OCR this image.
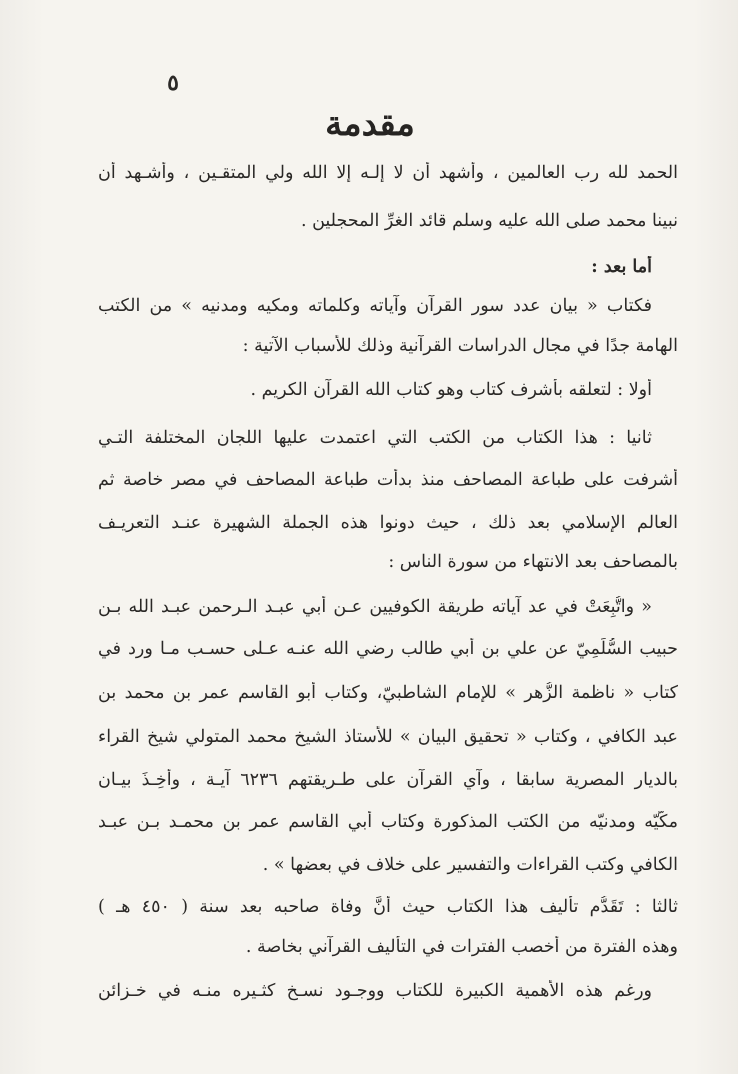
٥
مقدمة
الحمد لله رب العالمين ، وأشهد أن لا إلـه إلا الله ولي المتقـين ، وأشـهد أن
نبينا محمد صلى الله عليه وسلم قائد الغرِّ المحجلين .
أما بعد :
فكتاب « بيان عدد سور القرآن وآياته وكلماته ومكيه ومدنيه » من الكتب
الهامة جدًا في مجال الدراسات القرآنية وذلك للأسباب الآتية :
أولا : لتعلقه بأشرف كتاب وهو كتاب الله القرآن الكريم .
ثانيا : هذا الكتاب من الكتب التي اعتمدت عليها اللجان المختلفة التـي
أشرفت على طباعة المصاحف منذ بدأت طباعة المصاحف في مصر خاصة ثم
العالم الإسلامي بعد ذلك ، حيث دونوا هذه الجملة الشهيرة عنـد التعريـف
بالمصاحف بعد الانتهاء من سورة الناس :
« واتُّبِعَتْ في عد آياته طريقة الكوفيين عـن أبي عبـد الـرحمن عبـد الله بـن
حبيب السُّلَمِيّ عن علي بن أبي طالب رضي الله عنـه عـلى حسـب مـا ورد في
كتاب « ناظمة الزُّهر » للإمام الشاطبيّ، وكتاب أبو القاسم عمر بن محمد بن
عبد الكافي ، وكتاب « تحقيق البيان » للأستاذ الشيخ محمد المتولي شيخ القراء
بالديار المصرية سابقا ، وآي القرآن على طـريقتهم ٦٢٣٦ آيـة ، وأُخِـذَ بيـان
مكّيّه ومدنيّه من الكتب المذكورة وكتاب أبي القاسم عمر بن محمـد بـن عبـد
الكافي وكتب القراءات والتفسير على خلاف في بعضها » .
ثالثا : تَقَدُّم تأليف هذا الكتاب حيث أنَّ وفاة صاحبه بعد سنة ( ٤٥٠ هـ )
وهذه الفترة من أخصب الفترات في التأليف القرآني بخاصة .
ورغم هذه الأهمية الكبيرة للكتاب ووجـود نسـخ كثـيره منـه في خـزائن
